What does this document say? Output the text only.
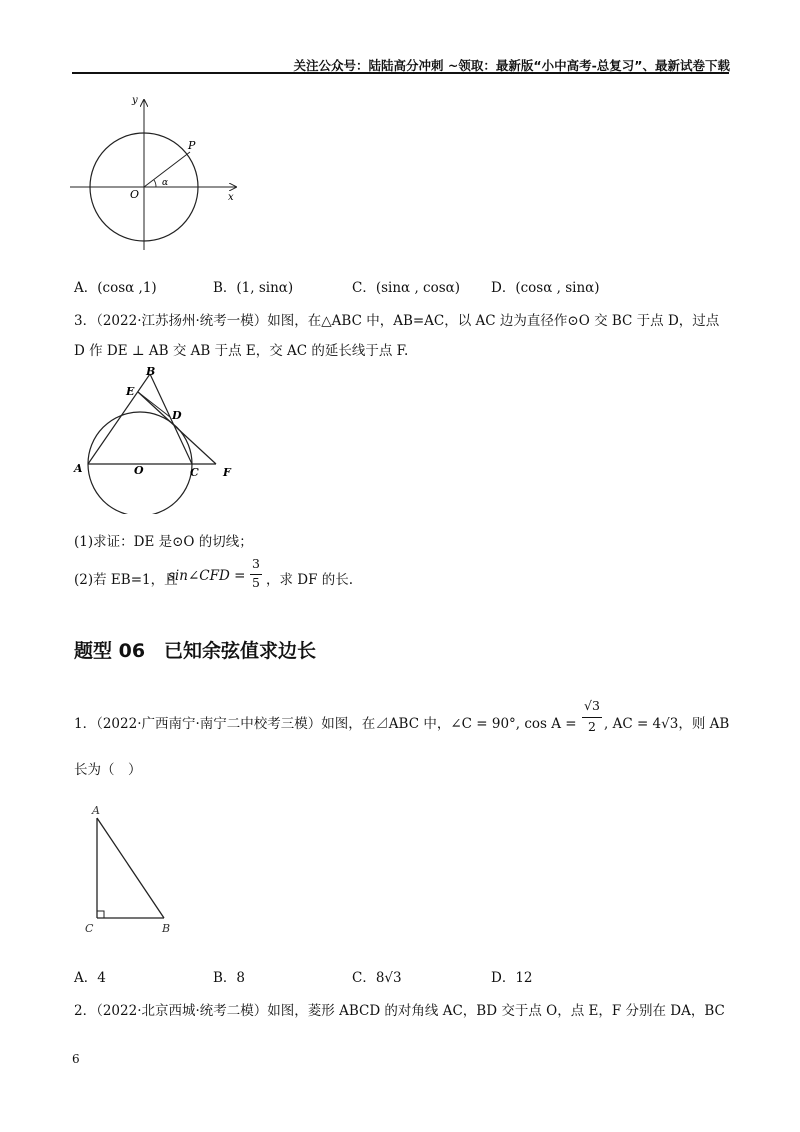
关注公众号：陆陆高分冲刺 ~领取：最新版“小中高考-总复习”、最新试卷下载
y
x
O
P
α
A．(cosα ,1)	B．(1, sinα)	C．(sinα , cosα) D．(cosα , sinα)
3．（2022·江苏扬州·统考一模）如图，在△ABC 中，AB=AC，以 AC 边为直径作⊙O 交 BC 于点 D，过点
D 作 DE ⊥ AB 交 AB 于点 E，交 AC 的延长线于点 F.
B
E
D
A	O	C F
(1)求证：DE 是⊙O 的切线；
(2)若 EB=1，且
sin∠CFD =
3
5 ，求 DF 的长.
题型 06　已知余弦值求边长
1．（2022·广西南宁·南宁二中校考三模）如图，在⊿ABC 中，∠C = 90°, cos A =
√3
2 , AC = 4√3，则 AB
长为（　）
A
C	B
A．4	B．8	C．8√3	D．12
2．（2022·北京西城·统考二模）如图，菱形 ABCD 的对角线 AC，BD 交于点 O，点 E，F 分别在 DA，BC
6
